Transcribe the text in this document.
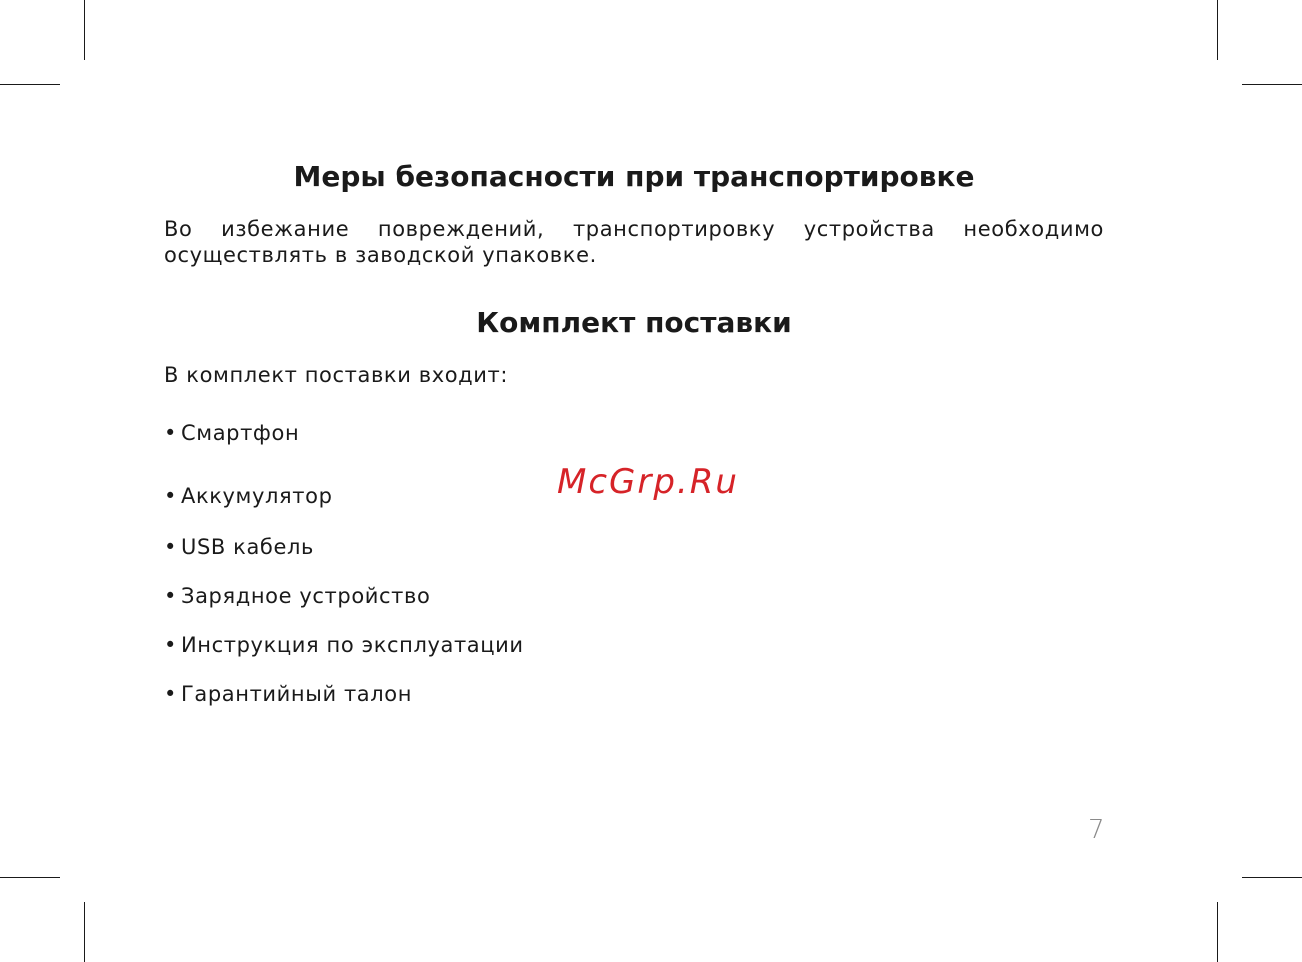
Меры безопасности при транспортировке

Во избежание повреждений, транспортировку устройства необходимо
осуществлять в заводской упаковке.

Комплект поставки

В комплект поставки входит:

• Смартфон
• Аккумулятор
• USB кабель
• Зарядное устройство
• Инструкция по эксплуатации
• Гарантийный талон
McGrp.Ru
7
